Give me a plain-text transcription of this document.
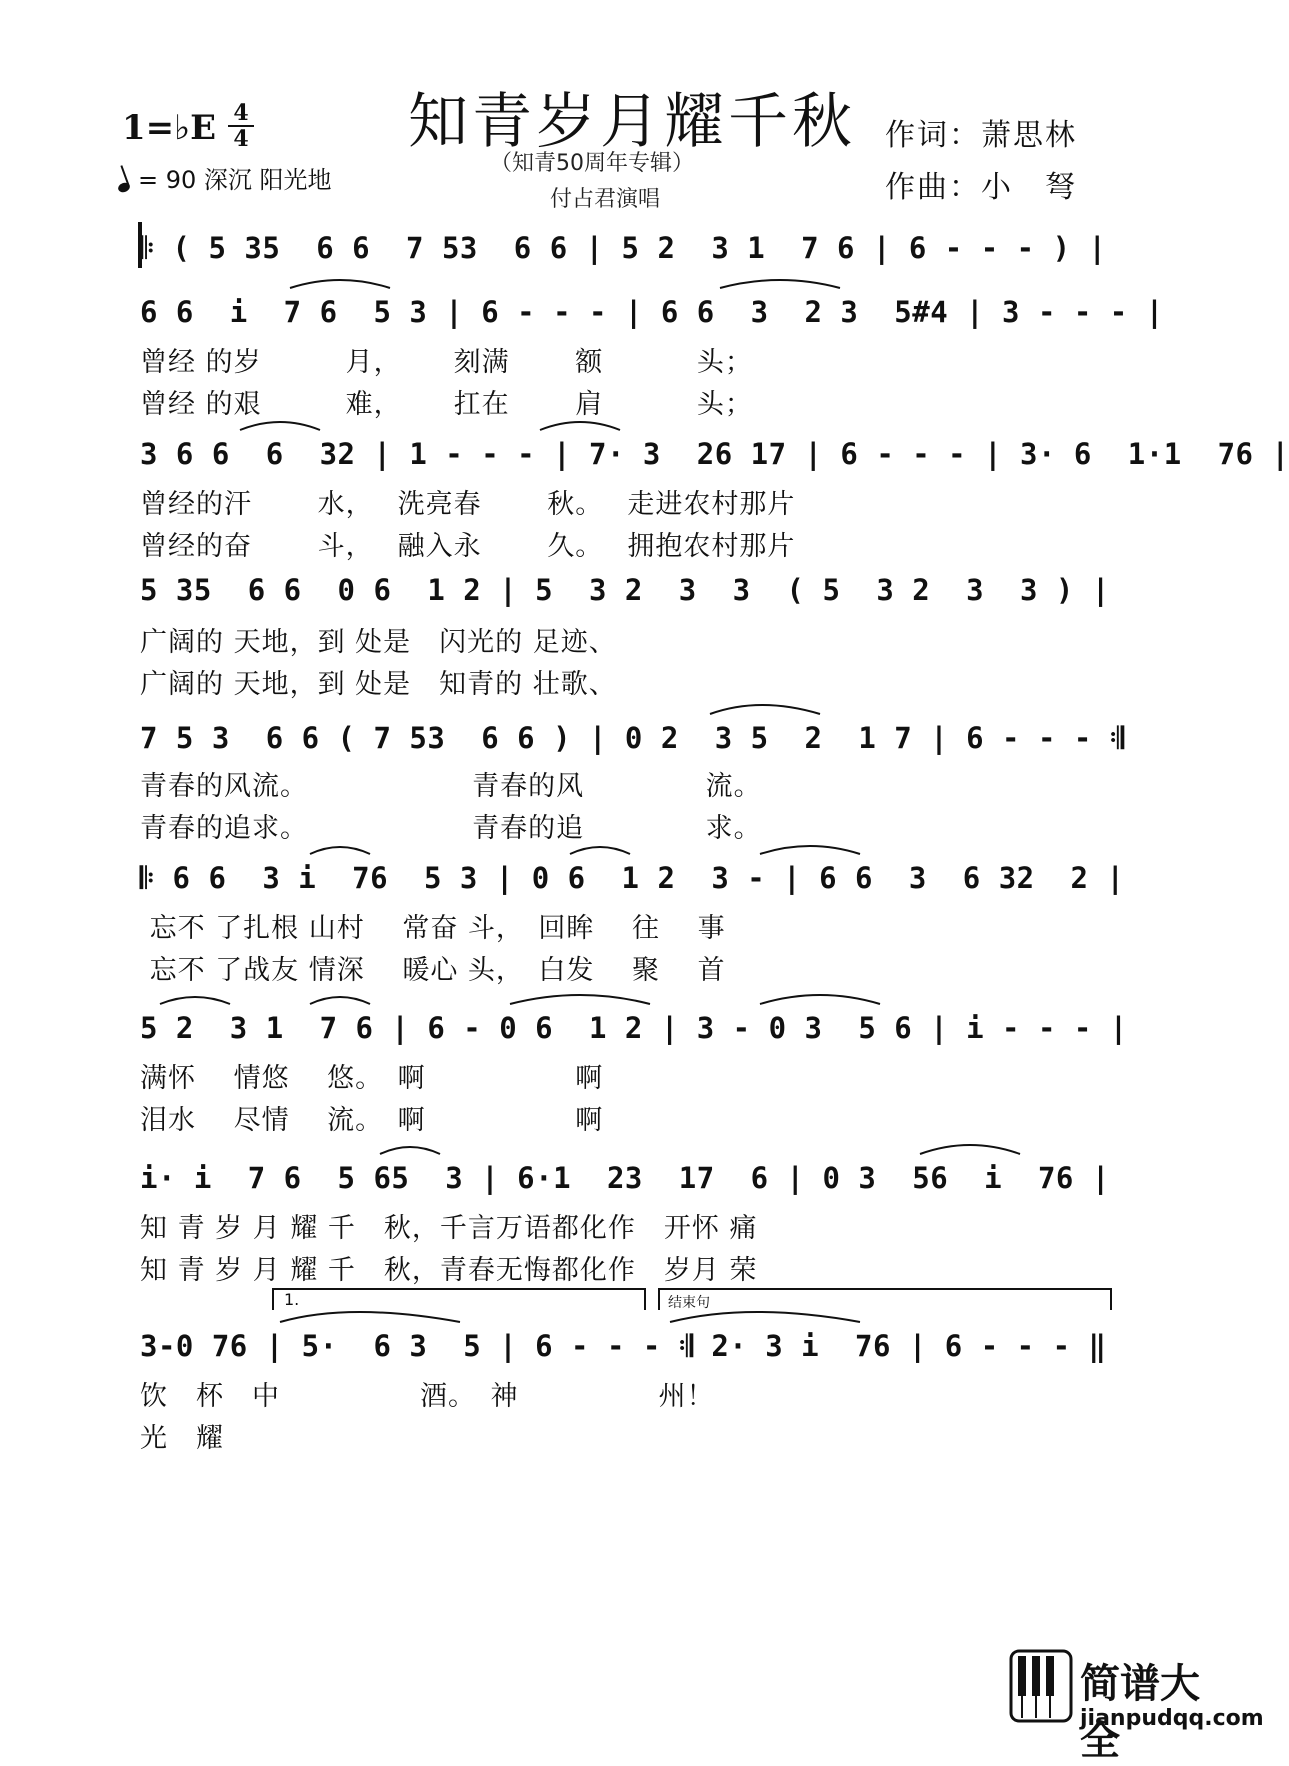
1=♭E 4
4
= 90 深沉 阳光地
知青岁月耀千秋
（知青50周年专辑）
付占君演唱
作词：萧思林
作曲：小　弩
𝄆 ( 5 35  6 6  7 53  6 6 | 5 2  3 1  7 6 | 6 - - - ) |
6 6  i  7 6  5 3 | 6 - - - | 6 6  3  2 3  5#4 | 3 - - - |
曾经 的岁　　　月，　　 刻满　　 额　　　 头；
曾经 的艰　　　难，　　 扛在　　 肩　　　 头；
3 6 6  6  32 | 1 - - - | 7· 3  26 17 | 6 - - - | 3· 6  1·1  76 |
曾经的汗　　 水，　 洗亮春　　 秋。　 走进农村那片
曾经的奋　　 斗，　 融入永　　 久。　 拥抱农村那片
5 35  6 6  0 6  1 2 | 5  3 2  3  3  ( 5  3 2  3  3 ) |
广阔的 天地，到 处是　闪光的 足迹、
广阔的 天地，到 处是　知青的 壮歌、
7 5 3  6 6 ( 7 53  6 6 ) | 0 2  3 5  2  1 7 | 6 - - - 𝄇
青春的风流。　　　　　　 青春的风　　　　 流。
青春的追求。　　　　　　 青春的追　　　　 求。
𝄆 6 6  3 i  76  5 3 | 0 6  1 2  3 - | 6 6  3  6 32  2 |
忘不 了扎根 山村　 常奋 斗，　回眸　 往　 事
忘不 了战友 情深　 暖心 头，　白发　 聚　 首
5 2  3 1  7 6 | 6 - 0 6  1 2 | 3 - 0 3  5 6 | i - - - |
满怀　 情悠　 悠。　啊　　　　　 啊
泪水　 尽情　 流。　啊　　　　　 啊
i· i  7 6  5 65  3 | 6·1  23  17  6 | 0 3  56  i  76 |
知 青 岁 月 耀 千　秋，千言万语都化作　开怀 痛
知 青 岁 月 耀 千　秋，青春无悔都化作　岁月 荣
1.	结束句
3-0 76 | 5·  6 3  5 | 6 - - - 𝄇 2· 3 i  76 | 6 - - - ‖
饮　杯　中　　　　　酒。　神　　　　　州！
光　耀
简谱大全
jianpudqq.com
